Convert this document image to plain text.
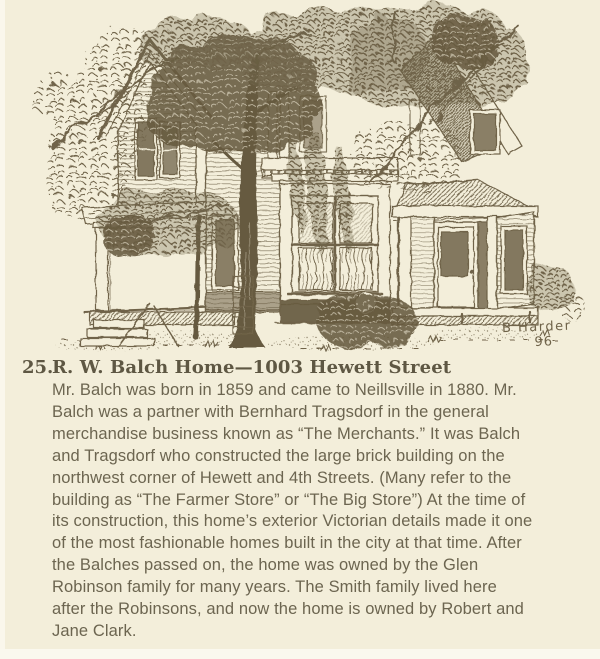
B Harder
96
25.
R. W. Balch Home—1003 Hewett Street
Mr. Balch was born in 1859 and came to Neillsville in 1880. Mr.
Balch was a partner with Bernhard Tragsdorf in the general
merchandise business known as “The Merchants.” It was Balch
and Tragsdorf who constructed the large brick building on the
northwest corner of Hewett and 4th Streets. (Many refer to the
building as “The Farmer Store” or “The Big Store”) At the time of
its construction, this home’s exterior Victorian details made it one
of the most fashionable homes built in the city at that time. After
the Balches passed on, the home was owned by the Glen
Robinson family for many years. The Smith family lived here
after the Robinsons, and now the home is owned by Robert and
Jane Clark.
